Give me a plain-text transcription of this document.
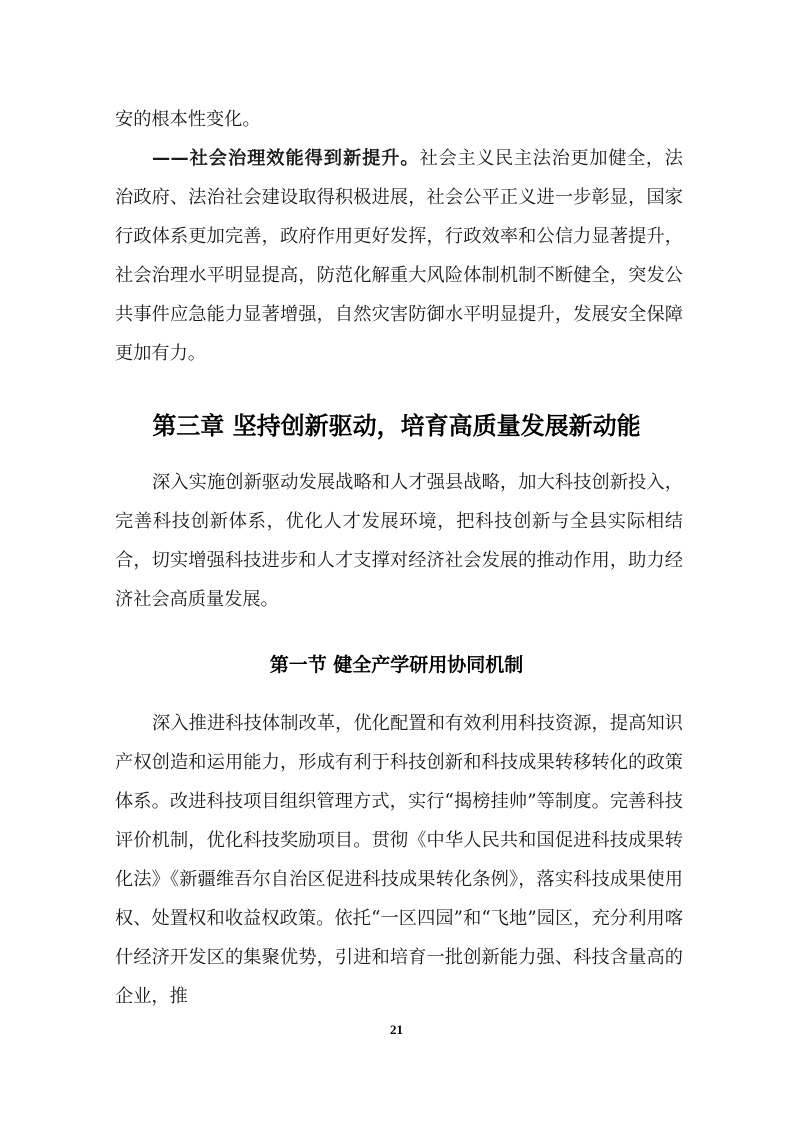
安的根本性变化。

——社会治理效能得到新提升。社会主义民主法治更加健全，法治政府、法治社会建设取得积极进展，社会公平正义进一步彰显，国家行政体系更加完善，政府作用更好发挥，行政效率和公信力显著提升，社会治理水平明显提高，防范化解重大风险体制机制不断健全，突发公共事件应急能力显著增强，自然灾害防御水平明显提升，发展安全保障更加有力。

第三章 坚持创新驱动，培育高质量发展新动能

深入实施创新驱动发展战略和人才强县战略，加大科技创新投入，完善科技创新体系，优化人才发展环境，把科技创新与全县实际相结合，切实增强科技进步和人才支撑对经济社会发展的推动作用，助力经济社会高质量发展。

第一节 健全产学研用协同机制

深入推进科技体制改革，优化配置和有效利用科技资源，提高知识产权创造和运用能力，形成有利于科技创新和科技成果转移转化的政策体系。改进科技项目组织管理方式，实行“揭榜挂帅”等制度。完善科技评价机制，优化科技奖励项目。贯彻《中华人民共和国促进科技成果转化法》《新疆维吾尔自治区促进科技成果转化条例》，落实科技成果使用权、处置权和收益权政策。依托“一区四园”和“飞地”园区，充分利用喀什经济开发区的集聚优势，引进和培育一批创新能力强、科技含量高的企业，推

21
